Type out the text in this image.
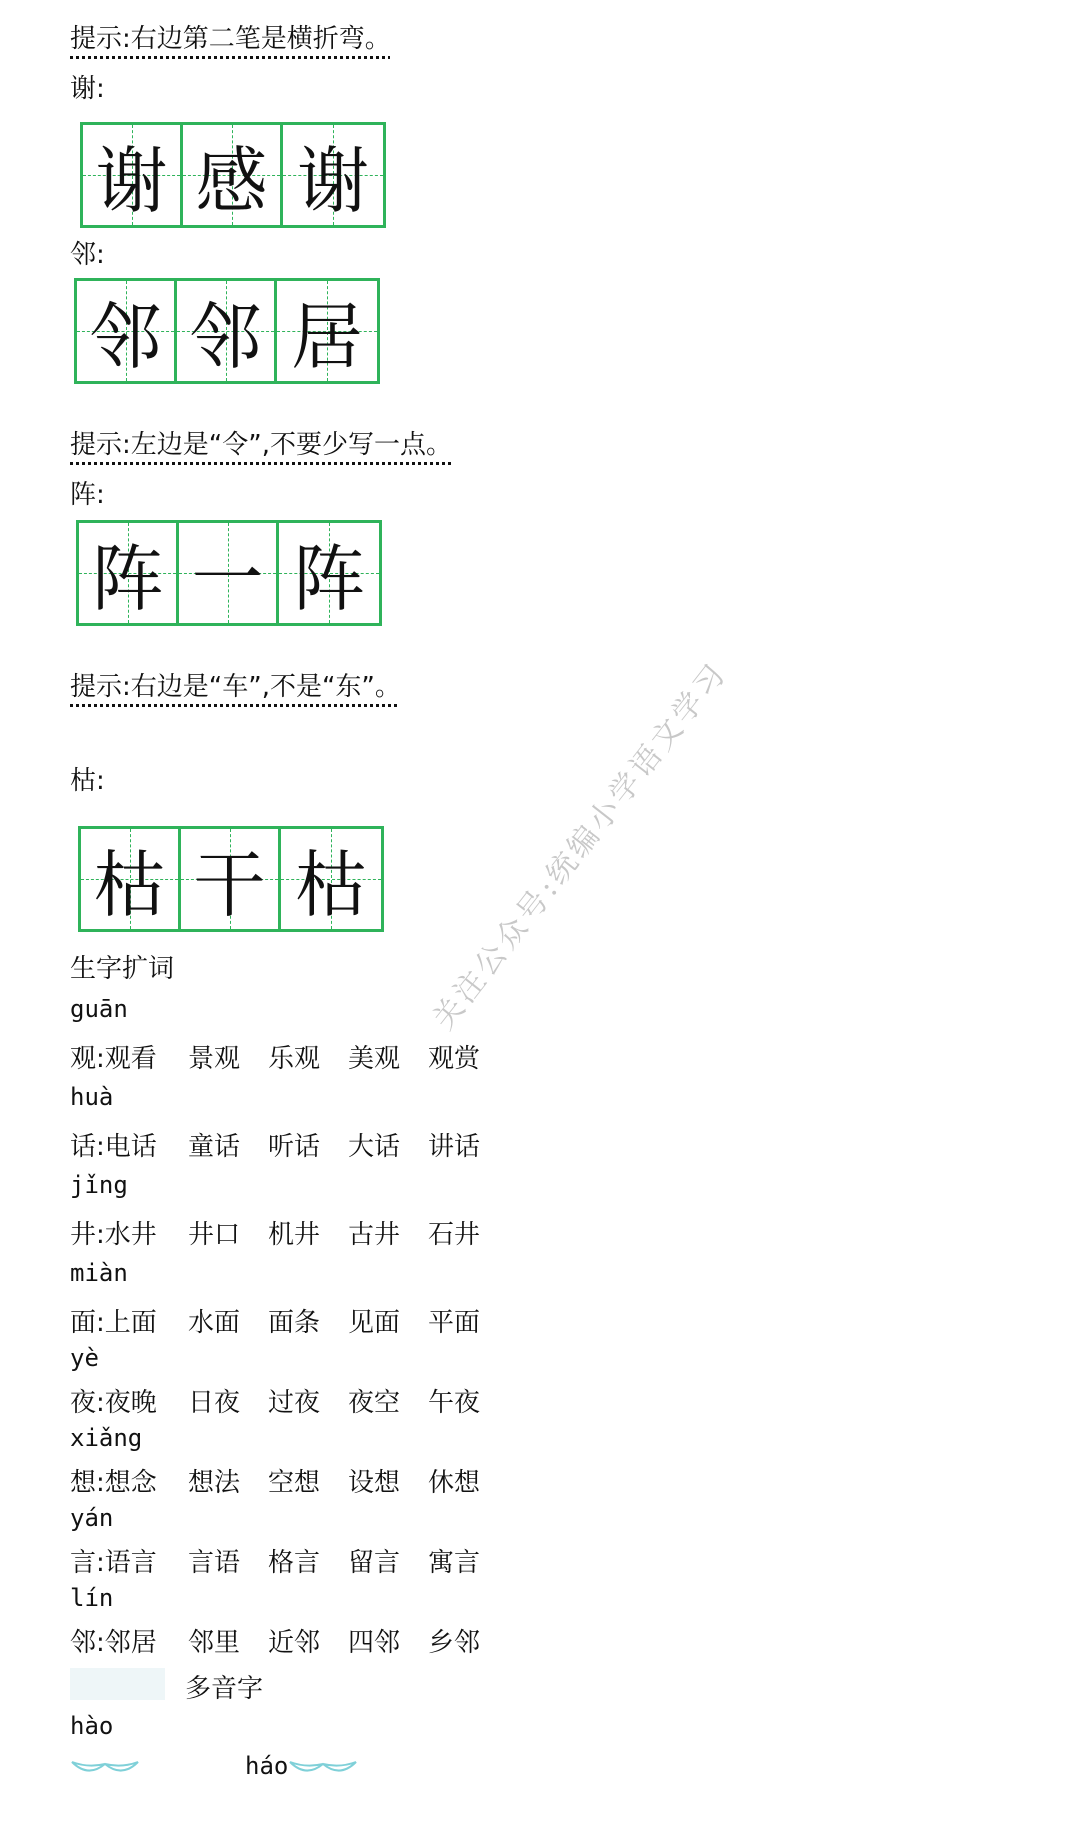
提示:右边第二笔是横折弯。
谢:
谢 感 谢
邻:
邻 邻 居
提示:左边是“令”,不要少写一点。
阵:
阵 一 阵
提示:右边是“车”,不是“东”。
枯:
枯 干 枯	关注公众号:统编小学语文学习
生字扩词
guān
观:观看	景观	乐观	美观	观赏
huà
话:电话	童话	听话	大话	讲话
jǐng
井:水井	井口	机井	古井	石井
miàn
面:上面	水面	面条	见面	平面
yè
夜:夜晚	日夜	过夜	夜空	午夜
xiǎng
想:想念	想法	空想	设想	休想
yán
言:语言	言语	格言	留言	寓言
lín
邻:邻居	邻里	近邻	四邻	乡邻
多音字
hào
háo
